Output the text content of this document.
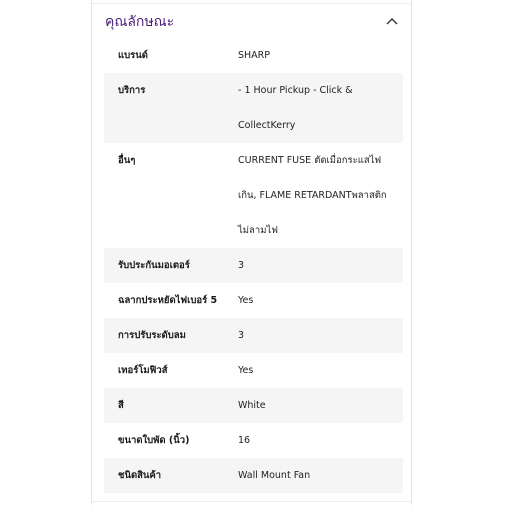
คุณลักษณะ
แบรนด์	SHARP
บริการ	- 1 Hour Pickup - Click &
CollectKerry
อื่นๆ	CURRENT FUSE ตัดเมื่อกระแสไฟ
เกิน, FLAME RETARDANTพลาสติก
ไม่ลามไฟ
รับประกันมอเตอร์	3
ฉลากประหยัดไฟเบอร์ 5	Yes
การปรับระดับลม	3
เทอร์โมฟิวส์	Yes
สี	White
ขนาดใบพัด (นิ้ว)	16
ชนิดสินค้า	Wall Mount Fan
